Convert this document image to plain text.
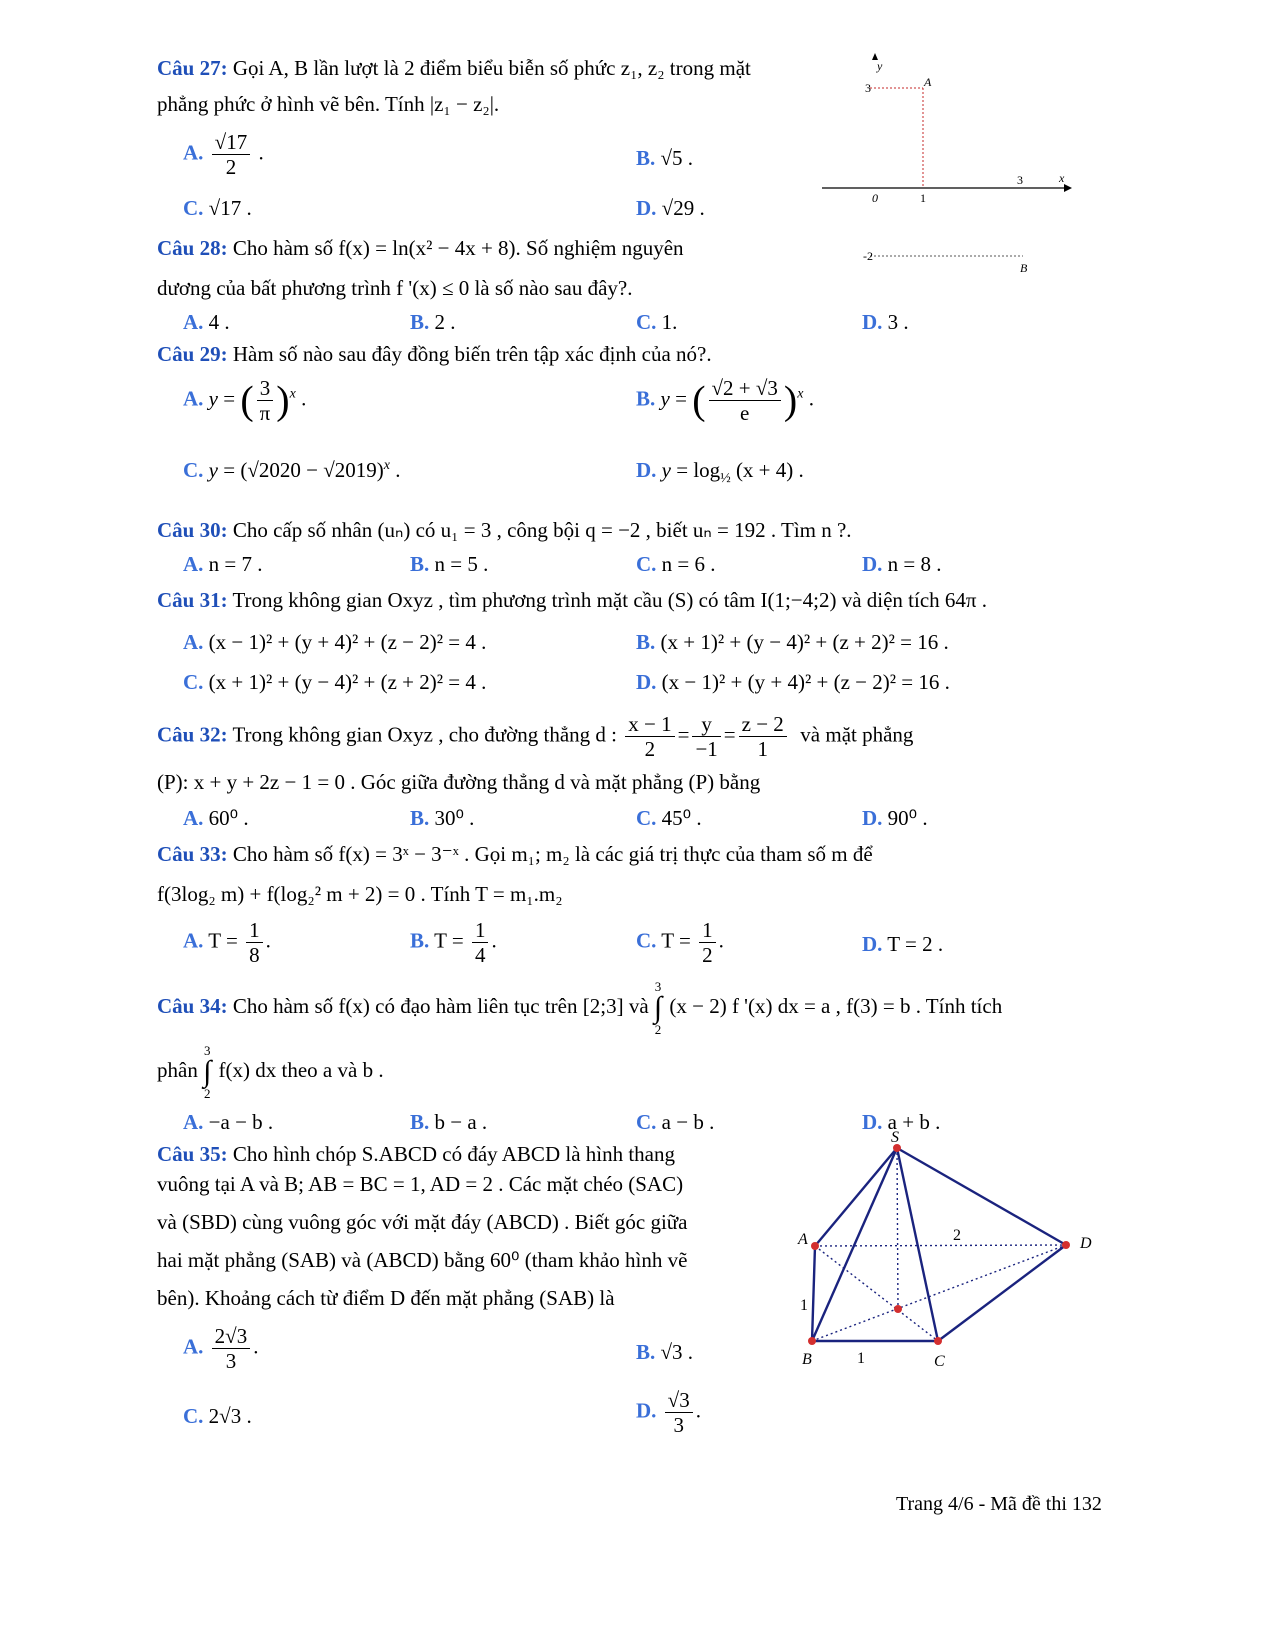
Câu 27: Gọi A, B lần lượt là 2 điểm biểu biễn số phức z₁, z₂ trong mặt
phẳng phức ở hình vẽ bên. Tính |z₁ − z₂|.
A. $\frac{√17}{2}$ .	B. √5 .
C. √17 .	D. √29 .
y
3	A
x
3
0	1
-2
B
Câu 28: Cho hàm số f(x) = ln(x² − 4x + 8). Số nghiệm nguyên
dương của bất phương trình f '(x) ≤ 0 là số nào sau đây?.
A. 4 .	B. 2 .	C. 1.	D. 3 .
Câu 29: Hàm số nào sau đây đồng biến trên tập xác định của nó?.
A. y = ( $\frac{3}{\pi} )^x$ .	B. y = ( $\frac{√2 + √3}{e} )^x$ .
C. $y = (√2020 - √2019)^x$ .	D. $y = \log_{\frac{1}{2}} (x + 4)$ .
Câu 30: Cho cấp số nhân (uₙ) có u₁ = 3 , công bội q = −2 , biết uₙ = 192 . Tìm n ?.
A. n = 7 .	B. n = 5 .	C. n = 6 .	D. n = 8 .
Câu 31: Trong không gian Oxyz , tìm phương trình mặt cầu (S) có tâm I(1;−4;2) và diện tích 64π .
A. (x − 1)² + (y + 4)² + (z − 2)² = 4 .	B. (x + 1)² + (y − 4)² + (z + 2)² = 16 .
C. (x + 1)² + (y − 4)² + (z + 2)² = 4 .	D. (x − 1)² + (y + 4)² + (z − 2)² = 16 .
Câu 32: Trong không gian Oxyz , cho đường thẳng d : $\frac{x - 1}{2} = \frac{y}{-1} = \frac{z - 2}{1}$ và mặt phẳng
(P): x + y + 2z − 1 = 0 . Góc giữa đường thẳng d và mặt phẳng (P) bằng
A. 60⁰ .	B. 30⁰ .	C. 45⁰ .	D. 90⁰ .
Câu 33: Cho hàm số f(x) = 3ˣ − 3⁻ˣ . Gọi m₁; m₂ là các giá trị thực của tham số m để
f(3log₂ m) + f(log₂² m + 2) = 0 . Tính T = m₁.m₂
A. $T = \frac{1}{8}$ .	B. $T = \frac{1}{4}$ .	C. $T = \frac{1}{2}$ .	D. T = 2 .
Câu 34: Cho hàm số f(x) có đạo hàm liên tục trên [2;3] và 3
∫
2 (x − 2) f '(x) dx = a , f(3) = b . Tính tích
phân 3
∫
2 f(x) dx theo a và b .
A. −a − b .	B. b − a .	C. a − b .	D. a + b .
Câu 35: Cho hình chóp S.ABCD có đáy ABCD là hình thang
vuông tại A và B; AB = BC = 1, AD = 2 . Các mặt chéo (SAC)
và (SBD) cùng vuông góc với mặt đáy (ABCD) . Biết góc giữa
hai mặt phẳng (SAB) và (ABCD) bằng 60⁰ (tham khảo hình vẽ
bên). Khoảng cách từ điểm D đến mặt phẳng (SAB) là
A. $\frac{2√3}{3}$ .	B. √3 .
C. 2√3 .	D. $\frac{√3}{3}$ .
S
A	D
B	C
2
1
1
Trang 4/6 - Mã đề thi 132
